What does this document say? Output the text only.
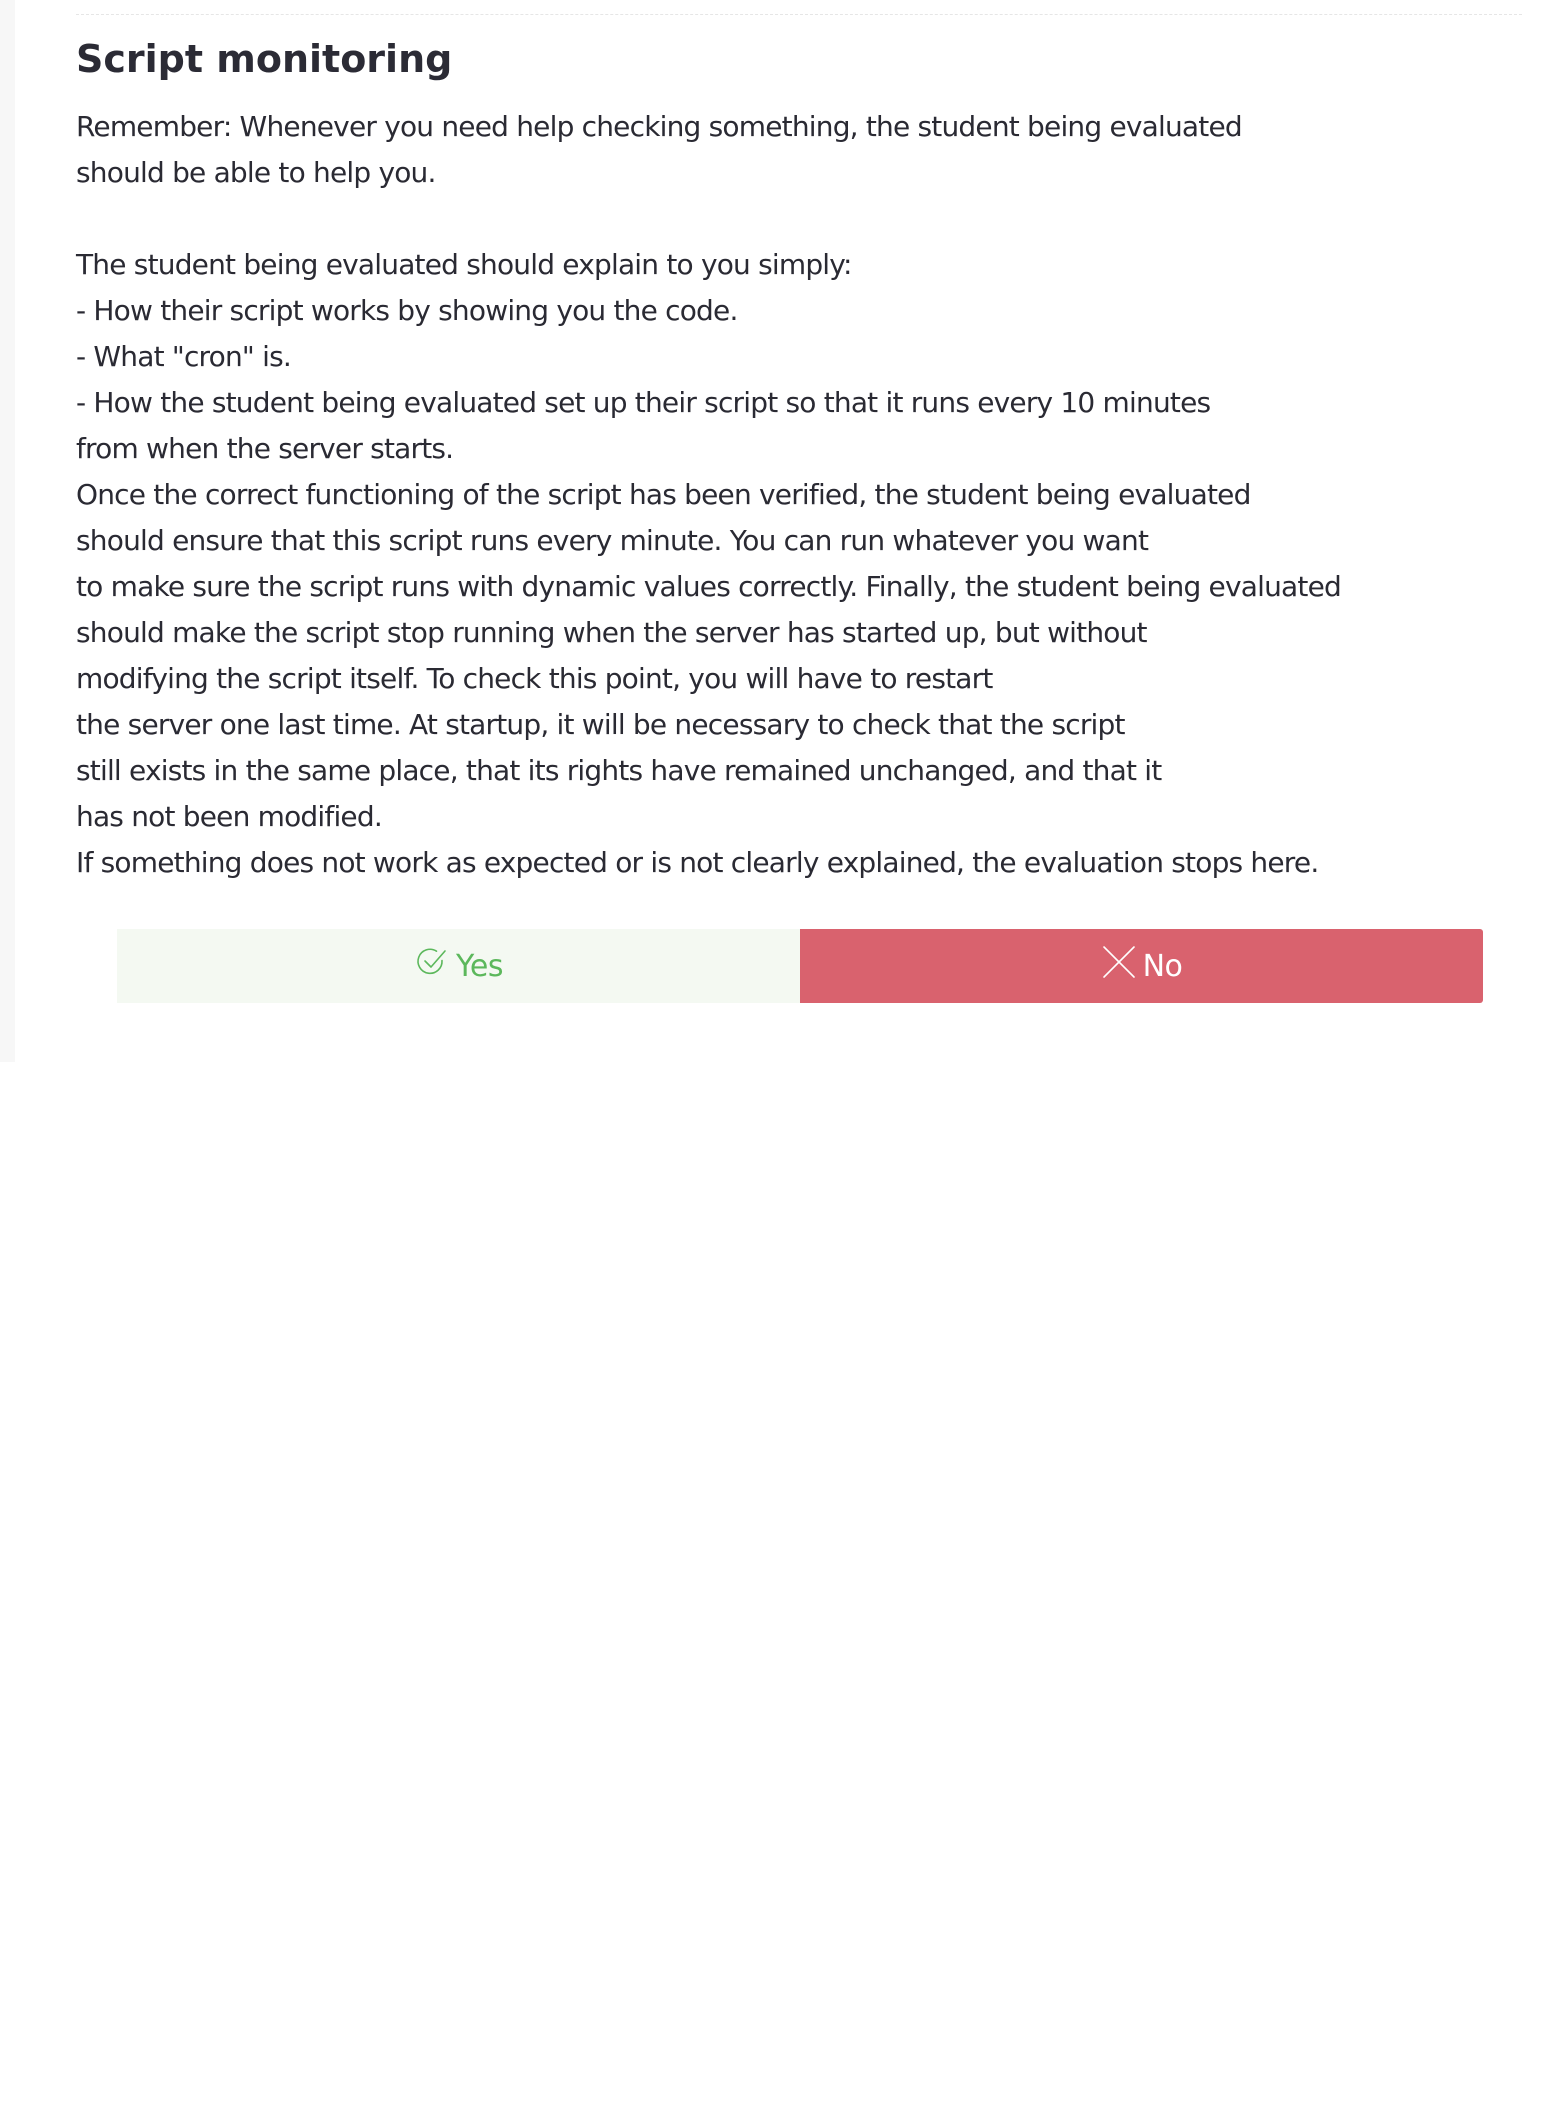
Script monitoring
Remember: Whenever you need help checking something, the student being evaluated
should be able to help you.
The student being evaluated should explain to you simply:
- How their script works by showing you the code.
- What "cron" is.
- How the student being evaluated set up their script so that it runs every 10 minutes
from when the server starts.
Once the correct functioning of the script has been verified, the student being evaluated
should ensure that this script runs every minute. You can run whatever you want
to make sure the script runs with dynamic values correctly. Finally, the student being evaluated
should make the script stop running when the server has started up, but without
modifying the script itself. To check this point, you will have to restart
the server one last time. At startup, it will be necessary to check that the script
still exists in the same place, that its rights have remained unchanged, and that it
has not been modified.
If something does not work as expected or is not clearly explained, the evaluation stops here.
Yes	No
